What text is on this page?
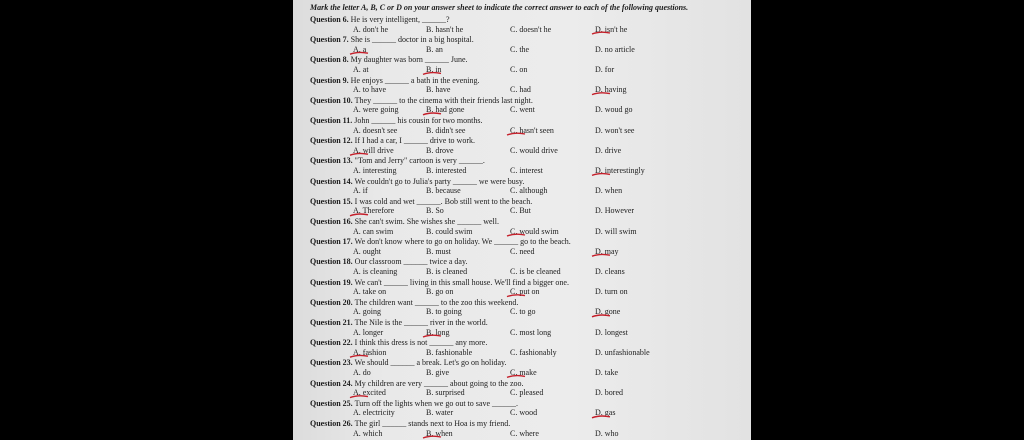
Mark the letter A, B, C or D on your answer sheet to indicate the correct answer to each of the following questions.
Question 6. He is very intelligent, ______?
A. don't he	B. hasn't he	C. doesn't he	D. isn't he
Question 7. She is ______ doctor in a big hospital.
A. a	B. an	C. the	D. no article
Question 8. My daughter was born ______ June.
A. at	B. in	C. on	D. for
Question 9. He enjoys ______ a bath in the evening.
A. to have	B. have	C. had	D. having
Question 10. They ______ to the cinema with their friends last night.
A. were going	B. had gone	C. went	D. woud go
Question 11. John ______ his cousin for two months.
A. doesn't see	B. didn't see	C. hasn't seen	D. won't see
Question 12. If I had a car, I ______ drive to work.
A. will drive	B. drove	C. would drive	D. drive
Question 13. "Tom and Jerry" cartoon is very ______.
A. interesting	B. interested	C. interest	D. interestingly
Question 14. We couldn't go to Julia's party ______ we were busy.
A. if	B. because	C. although	D. when
Question 15. I was cold and wet ______. Bob still went to the beach.
A. Therefore	B. So	C. But	D. However
Question 16. She can't swim. She wishes she ______ well.
A. can swim	B. could swim	C. would swim	D. will swim
Question 17. We don't know where to go on holiday. We ______ go to the beach.
A. ought	B. must	C. need	D. may
Question 18. Our classroom ______ twice a day.
A. is cleaning	B. is cleaned	C. is be cleaned	D. cleans
Question 19. We can't ______ living in this small house. We'll find a bigger one.
A. take on	B. go on	C. put on	D. turn on
Question 20. The children want ______ to the zoo this weekend.
A. going	B. to going	C. to go	D. gone
Question 21. The Nile is the ______ river in the world.
A. longer	B. long	C. most long	D. longest
Question 22. I think this dress is not ______ any more.
A. fashion	B. fashionable	C. fashionably	D. unfashionable
Question 23. We should ______ a break. Let's go on holiday.
A. do	B. give	C. make	D. take
Question 24. My children are very ______ about going to the zoo.
A. excited	B. surprised	C. pleased	D. bored
Question 25. Turn off the lights when we go out to save ______.
A. electricity	B. water	C. wood	D. gas
Question 26. The girl ______ stands next to Hoa is my friend.
A. which	B. when	C. where	D. who
